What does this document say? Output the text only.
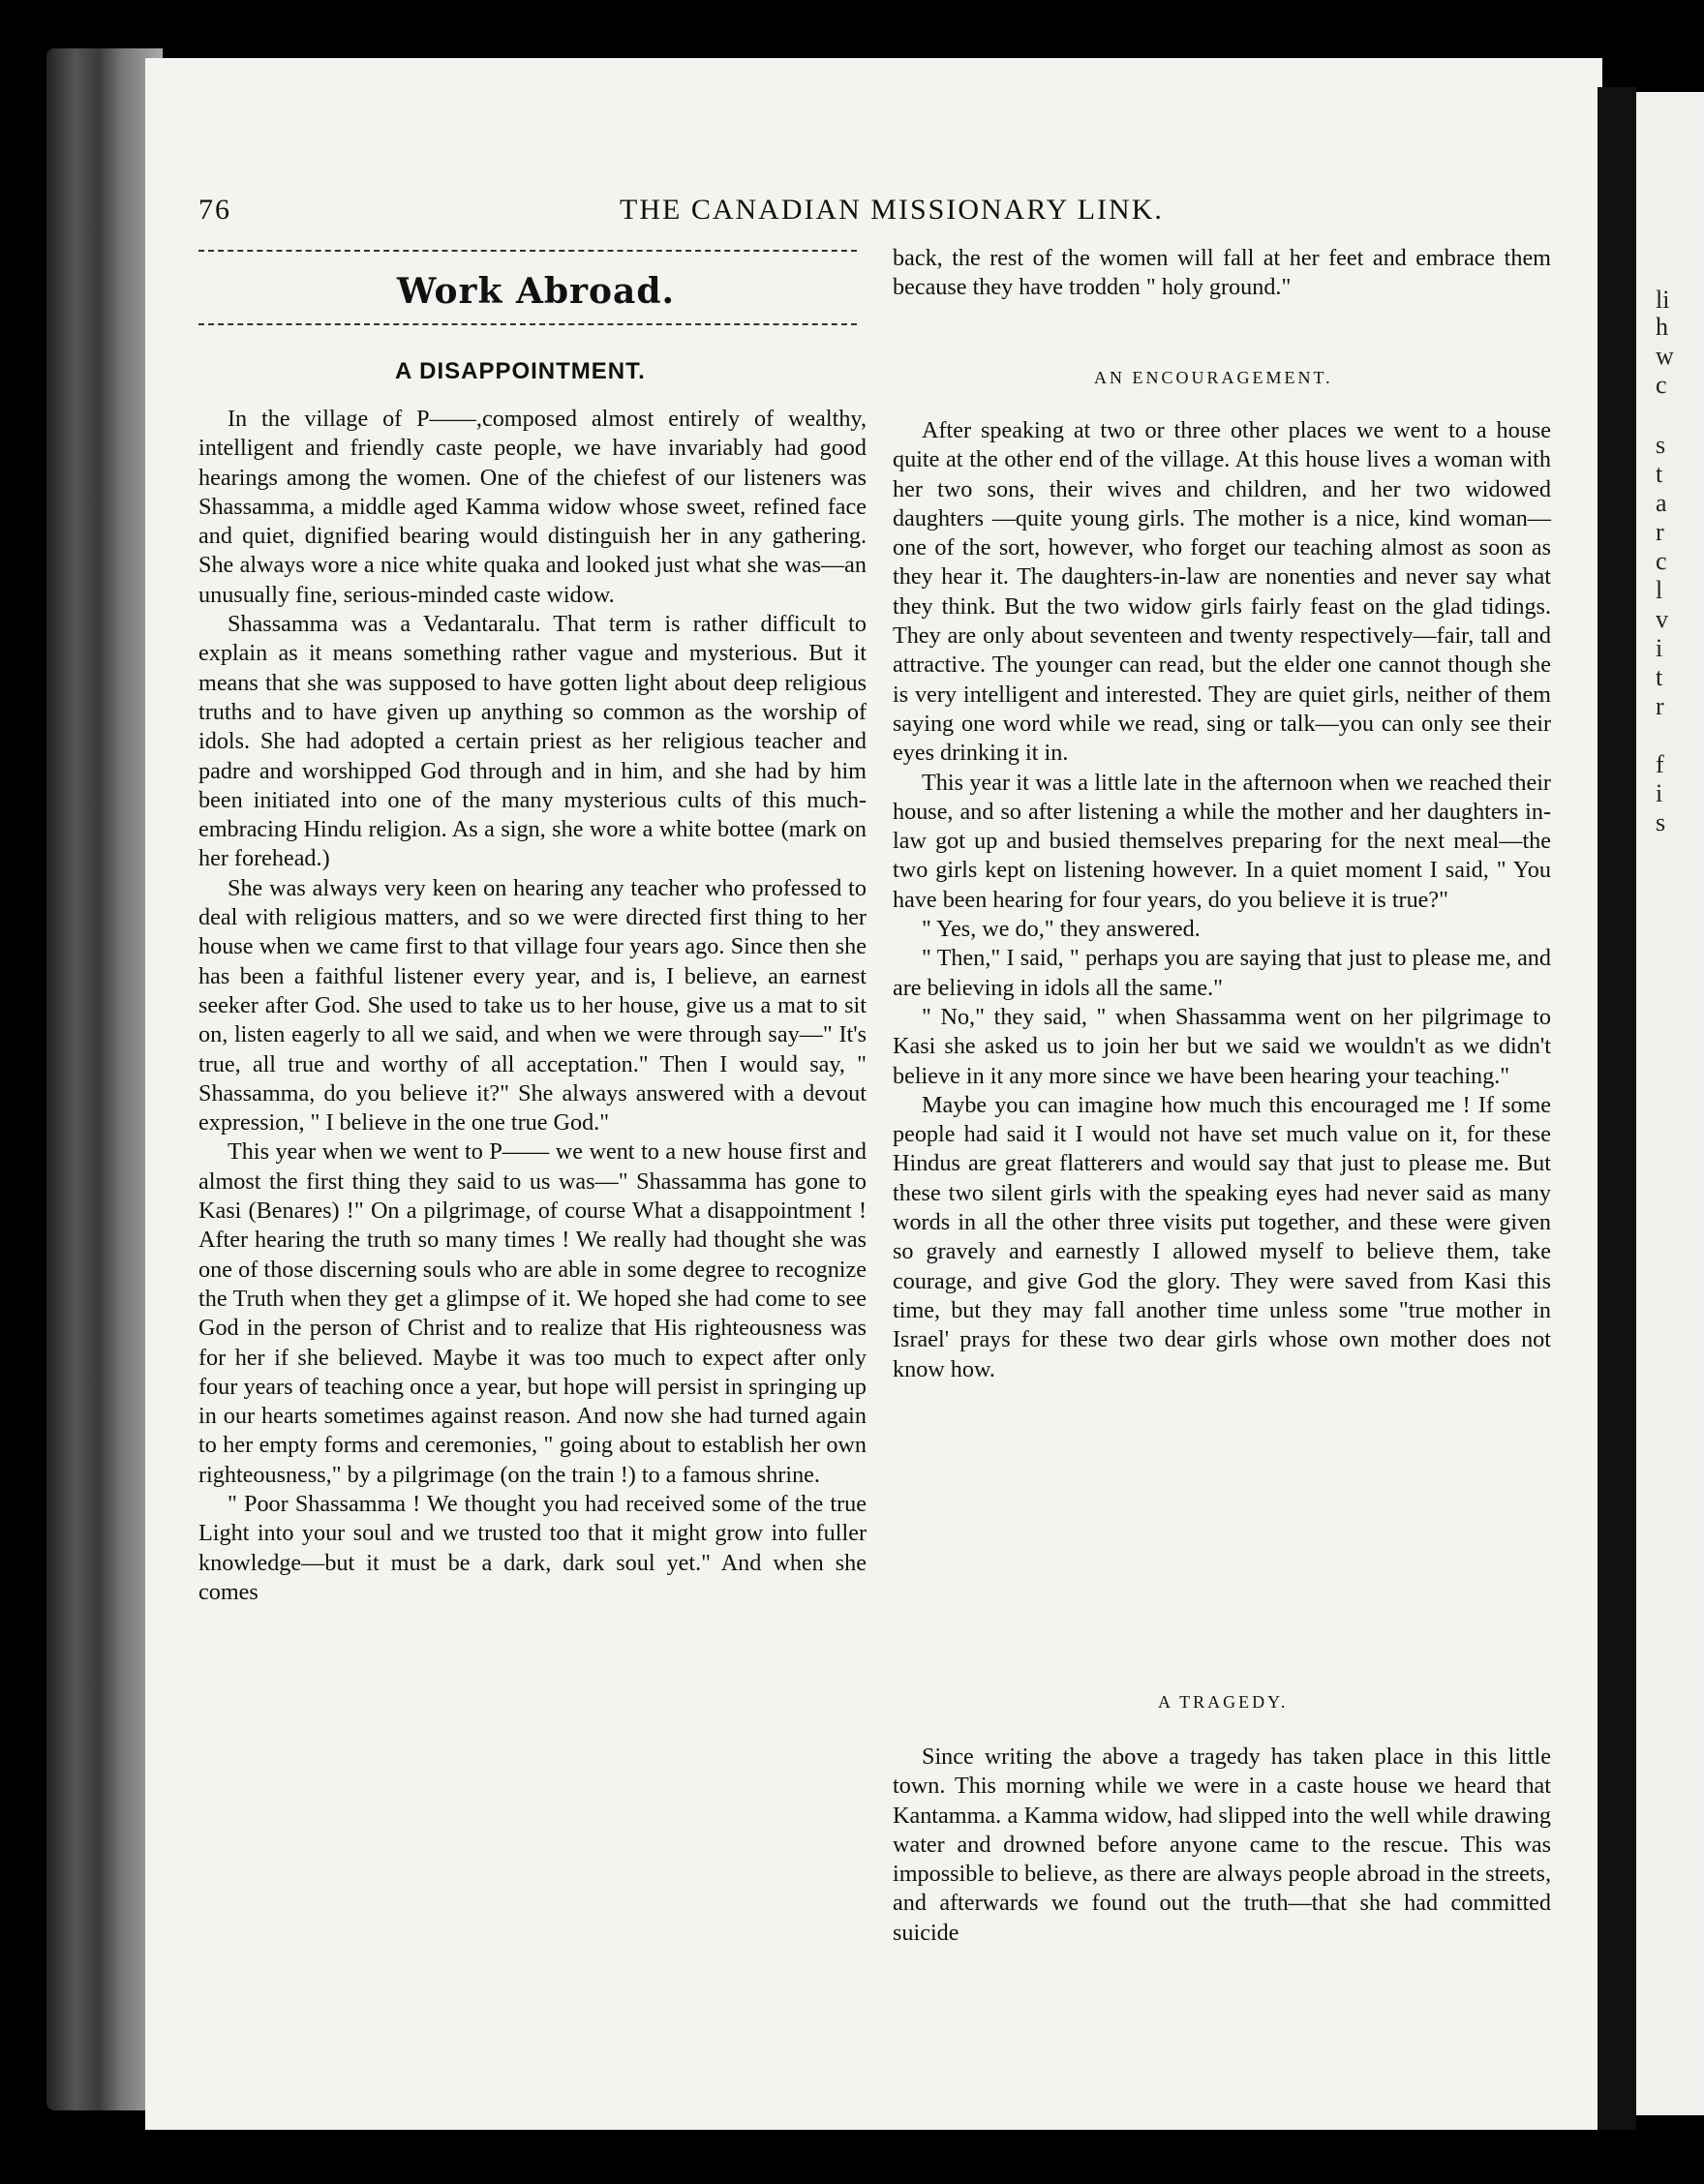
li
h
w
c
s
t
a
r
c
l
v
i
t
r
f
i
s
76	THE CANADIAN MISSIONARY LINK.
Work Abroad.
A DISAPPOINTMENT.

In the village of P——,composed almost entirely of wealthy, intelligent and friendly caste people, we have invariably had good hearings among the women. One of the chiefest of our listeners was Shassamma, a middle aged Kamma widow whose sweet, refined face and quiet, dignified bearing would distinguish her in any gathering. She always wore a nice white quaka and looked just what she was—an unusually fine, serious-minded caste widow.

Shassamma was a Vedantaralu. That term is rather difficult to explain as it means something rather vague and mysterious. But it means that she was supposed to have gotten light about deep religious truths and to have given up anything so common as the worship of idols. She had adopted a certain priest as her religious teacher and padre and worshipped God through and in him, and she had by him been initiated into one of the many mysterious cults of this much-embracing Hindu religion. As a sign, she wore a white bottee (mark on her forehead.)

She was always very keen on hearing any teacher who professed to deal with religious matters, and so we were directed first thing to her house when we came first to that village four years ago. Since then she has been a faithful listener every year, and is, I believe, an earnest seeker after God. She used to take us to her house, give us a mat to sit on, listen eagerly to all we said, and when we were through say—" It's true, all true and worthy of all acceptation." Then I would say, " Shassamma, do you believe it?" She always answered with a devout expression, " I believe in the one true God."

This year when we went to P—— we went to a new house first and almost the first thing they said to us was—" Shassamma has gone to Kasi (Benares) !" On a pilgrimage, of course What a disappointment ! After hearing the truth so many times ! We really had thought she was one of those discerning souls who are able in some degree to recognize the Truth when they get a glimpse of it. We hoped she had come to see God in the person of Christ and to realize that His righteousness was for her if she believed. Maybe it was too much to expect after only four years of teaching once a year, but hope will persist in springing up in our hearts sometimes against reason. And now she had turned again to her empty forms and ceremonies, " going about to establish her own righteousness," by a pilgrimage (on the train !) to a famous shrine.

" Poor Shassamma ! We thought you had received some of the true Light into your soul and we trusted too that it might grow into fuller knowledge—but it must be a dark, dark soul yet." And when she comes

back, the rest of the women will fall at her feet and embrace them because they have trodden " holy ground."

AN ENCOURAGEMENT.

After speaking at two or three other places we went to a house quite at the other end of the village. At this house lives a woman with her two sons, their wives and children, and her two widowed daughters —quite young girls. The mother is a nice, kind woman—one of the sort, however, who forget our teaching almost as soon as they hear it. The daughters-in-law are nonenties and never say what they think. But the two widow girls fairly feast on the glad tidings. They are only about seventeen and twenty respectively—fair, tall and attractive. The younger can read, but the elder one cannot though she is very intelligent and interested. They are quiet girls, neither of them saying one word while we read, sing or talk—you can only see their eyes drinking it in.

This year it was a little late in the afternoon when we reached their house, and so after listening a while the mother and her daughters in-law got up and busied themselves preparing for the next meal—the two girls kept on listening however. In a quiet moment I said, " You have been hearing for four years, do you believe it is true?"

" Yes, we do," they answered.

" Then," I said, " perhaps you are saying that just to please me, and are believing in idols all the same."

" No," they said, " when Shassamma went on her pilgrimage to Kasi she asked us to join her but we said we wouldn't as we didn't believe in it any more since we have been hearing your teaching."

Maybe you can imagine how much this encouraged me ! If some people had said it I would not have set much value on it, for these Hindus are great flatterers and would say that just to please me. But these two silent girls with the speaking eyes had never said as many words in all the other three visits put together, and these were given so gravely and earnestly I allowed myself to believe them, take courage, and give God the glory. They were saved from Kasi this time, but they may fall another time unless some "true mother in Israel' prays for these two dear girls whose own mother does not know how.

A TRAGEDY.

Since writing the above a tragedy has taken place in this little town. This morning while we were in a caste house we heard that Kantamma. a Kamma widow, had slipped into the well while drawing water and drowned before anyone came to the rescue. This was impossible to believe, as there are always people abroad in the streets, and afterwards we found out the truth—that she had committed suicide
